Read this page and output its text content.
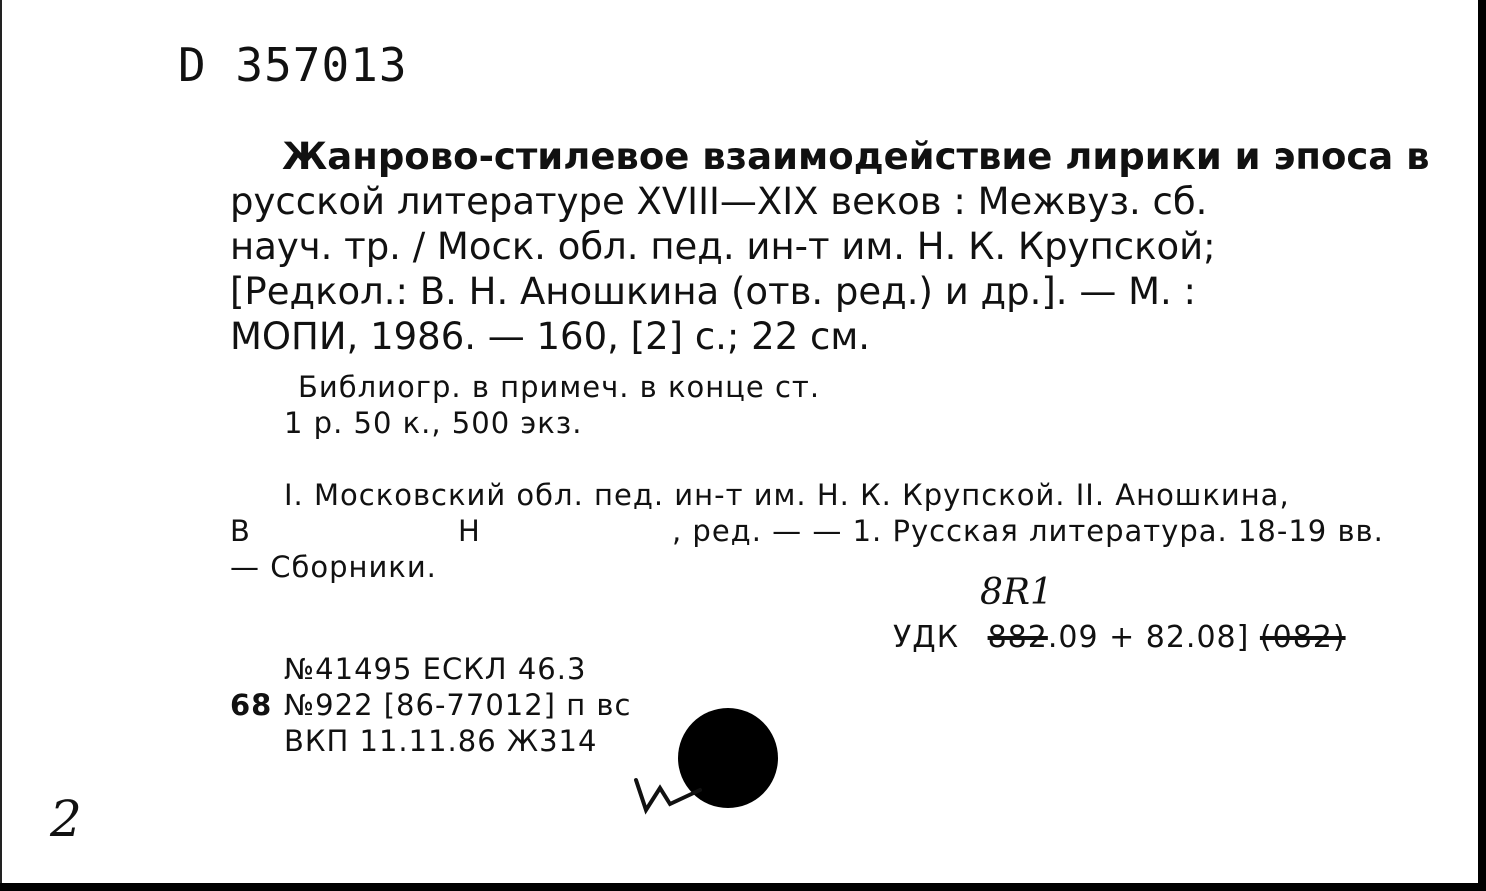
D 357013
Жанрово-стилевое взаимодействие лирики и эпоса в
русской литературе XVIII—XIX веков : Межвуз. сб.
науч. тр. / Моск. обл. пед. ин-т им. Н. К. Крупской;
[Редкол.: В. Н. Аношкина (отв. ред.) и др.]. — М. :
МОПИ, 1986. — 160, [2] с.; 22 см.
Библиогр. в примеч. в конце ст.
1 р. 50 к., 500 экз.
I. Московский обл. пед. ин-т им. Н. К. Крупской. II. Аношкина,
В	Н	, ред. — — 1. Русская литература. 18-19 вв.
— Сборники.
8R1
УДК 882.09 + 82.08] (082)
№41495 ЕСКЛ 46.3
68 №922 [86-77012] п вс
ВКП 11.11.86 Ж314
2
